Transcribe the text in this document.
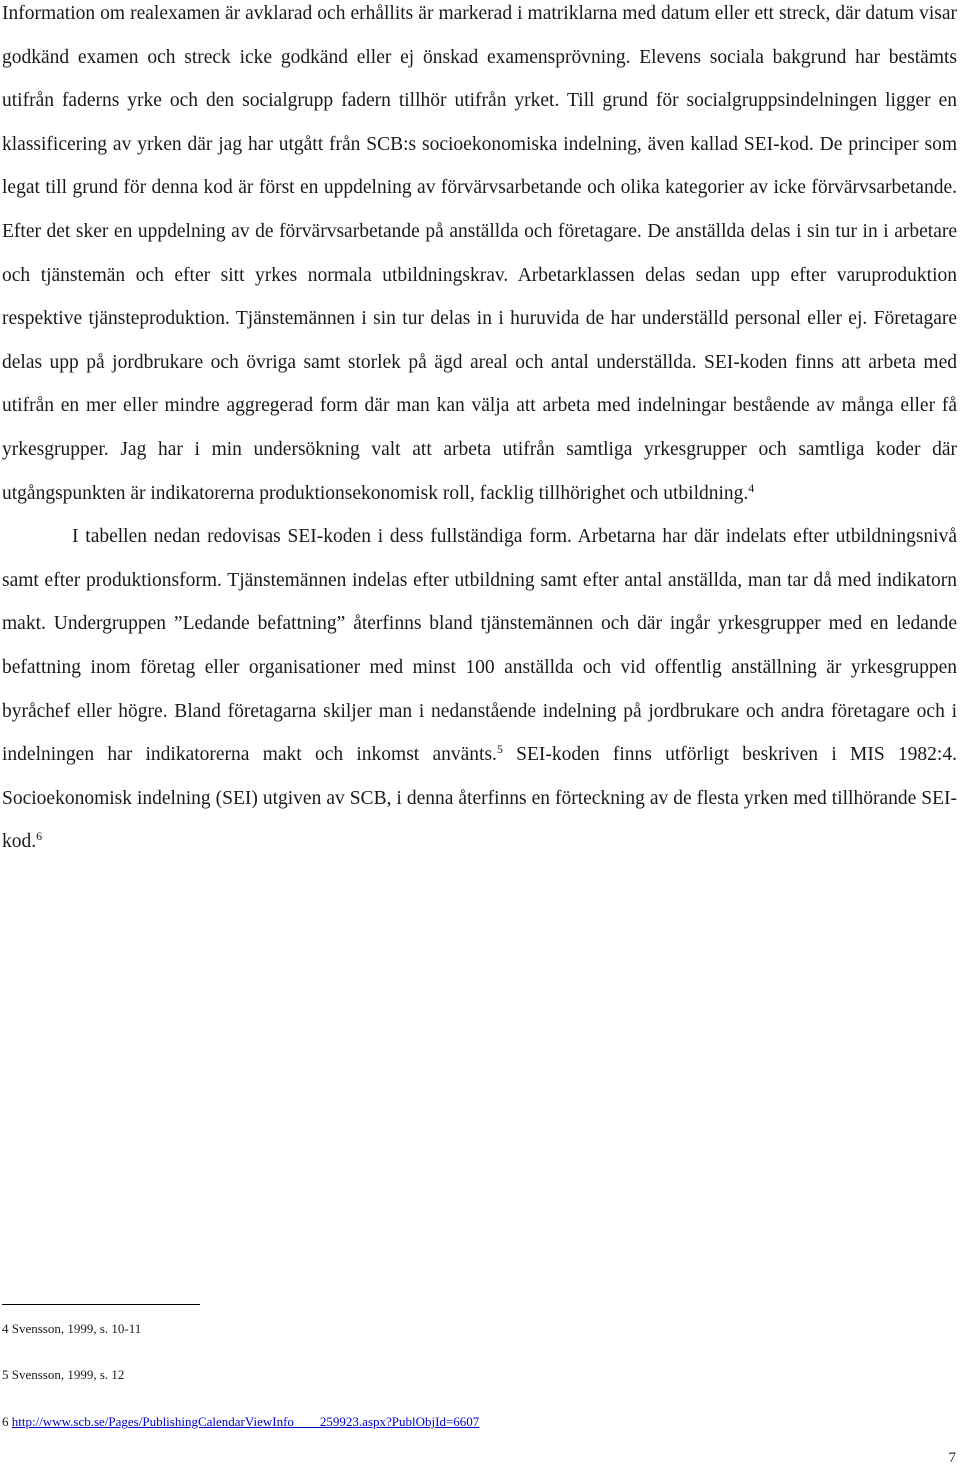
Information om realexamen är avklarad och erhållits är markerad i matriklarna med datum eller ett streck, där datum visar godkänd examen och streck icke godkänd eller ej önskad examensprövning. Elevens sociala bakgrund har bestämts utifrån faderns yrke och den socialgrupp fadern tillhör utifrån yrket. Till grund för socialgruppsindelningen ligger en klassificering av yrken där jag har utgått från SCB:s socioekonomiska indelning, även kallad SEI-kod. De principer som legat till grund för denna kod är först en uppdelning av förvärvsarbetande och olika kategorier av icke förvärvsarbetande. Efter det sker en uppdelning av de förvärvsarbetande på anställda och företagare. De anställda delas i sin tur in i arbetare och tjänstemän och efter sitt yrkes normala utbildningskrav. Arbetarklassen delas sedan upp efter varuproduktion respektive tjänsteproduktion. Tjänstemännen i sin tur delas in i huruvida de har underställd personal eller ej. Företagare delas upp på jordbrukare och övriga samt storlek på ägd areal och antal underställda. SEI-koden finns att arbeta med utifrån en mer eller mindre aggregerad form där man kan välja att arbeta med indelningar bestående av många eller få yrkesgrupper. Jag har i min undersökning valt att arbeta utifrån samtliga yrkesgrupper och samtliga koder där utgångspunkten är indikatorerna produktionsekonomisk roll, facklig tillhörighet och utbildning.$^4$

I tabellen nedan redovisas SEI-koden i dess fullständiga form. Arbetarna har där indelats efter utbildningsnivå samt efter produktionsform. Tjänstemännen indelas efter utbildning samt efter antal anställda, man tar då med indikatorn makt. Undergruppen ”Ledande befattning” återfinns bland tjänstemännen och där ingår yrkesgrupper med en ledande befattning inom företag eller organisationer med minst 100 anställda och vid offentlig anställning är yrkesgruppen byråchef eller högre. Bland företagarna skiljer man i nedanstående indelning på jordbrukare och andra företagare och i indelningen har indikatorerna makt och inkomst använts.$^5$ SEI-koden finns utförligt beskriven i MIS 1982:4. Socioekonomisk indelning (SEI) utgiven av SCB, i denna återfinns en förteckning av de flesta yrken med tillhörande SEI-kod.$^6$

4 Svensson, 1999, s. 10-11
5 Svensson, 1999, s. 12
6 http://www.scb.se/Pages/PublishingCalendarViewInfo____259923.aspx?PublObjId=6607
7
